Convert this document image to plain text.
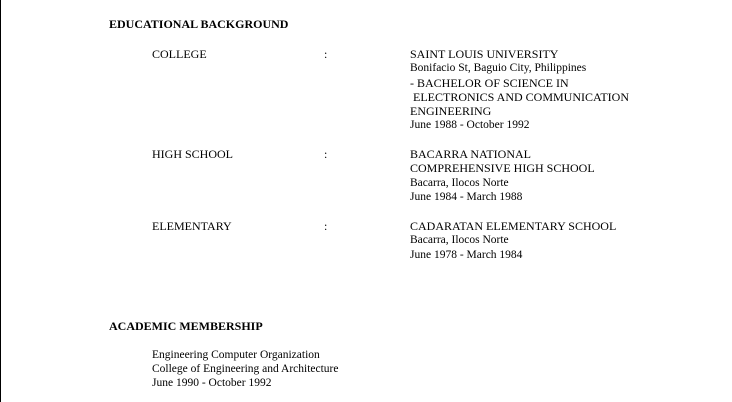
EDUCATIONAL BACKGROUND
COLLEGE	:	SAINT LOUIS UNIVERSITY
Bonifacio St, Baguio City, Philippines
- BACHELOR OF SCIENCE IN
ELECTRONICS AND COMMUNICATION
ENGINEERING
June 1988 - October 1992
HIGH SCHOOL	:	BACARRA NATIONAL
COMPREHENSIVE HIGH SCHOOL
Bacarra, Ilocos Norte
June 1984 - March 1988
ELEMENTARY	:	CADARATAN ELEMENTARY SCHOOL
Bacarra, Ilocos Norte
June 1978 - March 1984
ACADEMIC MEMBERSHIP
Engineering Computer Organization
College of Engineering and Architecture
June 1990 - October 1992
